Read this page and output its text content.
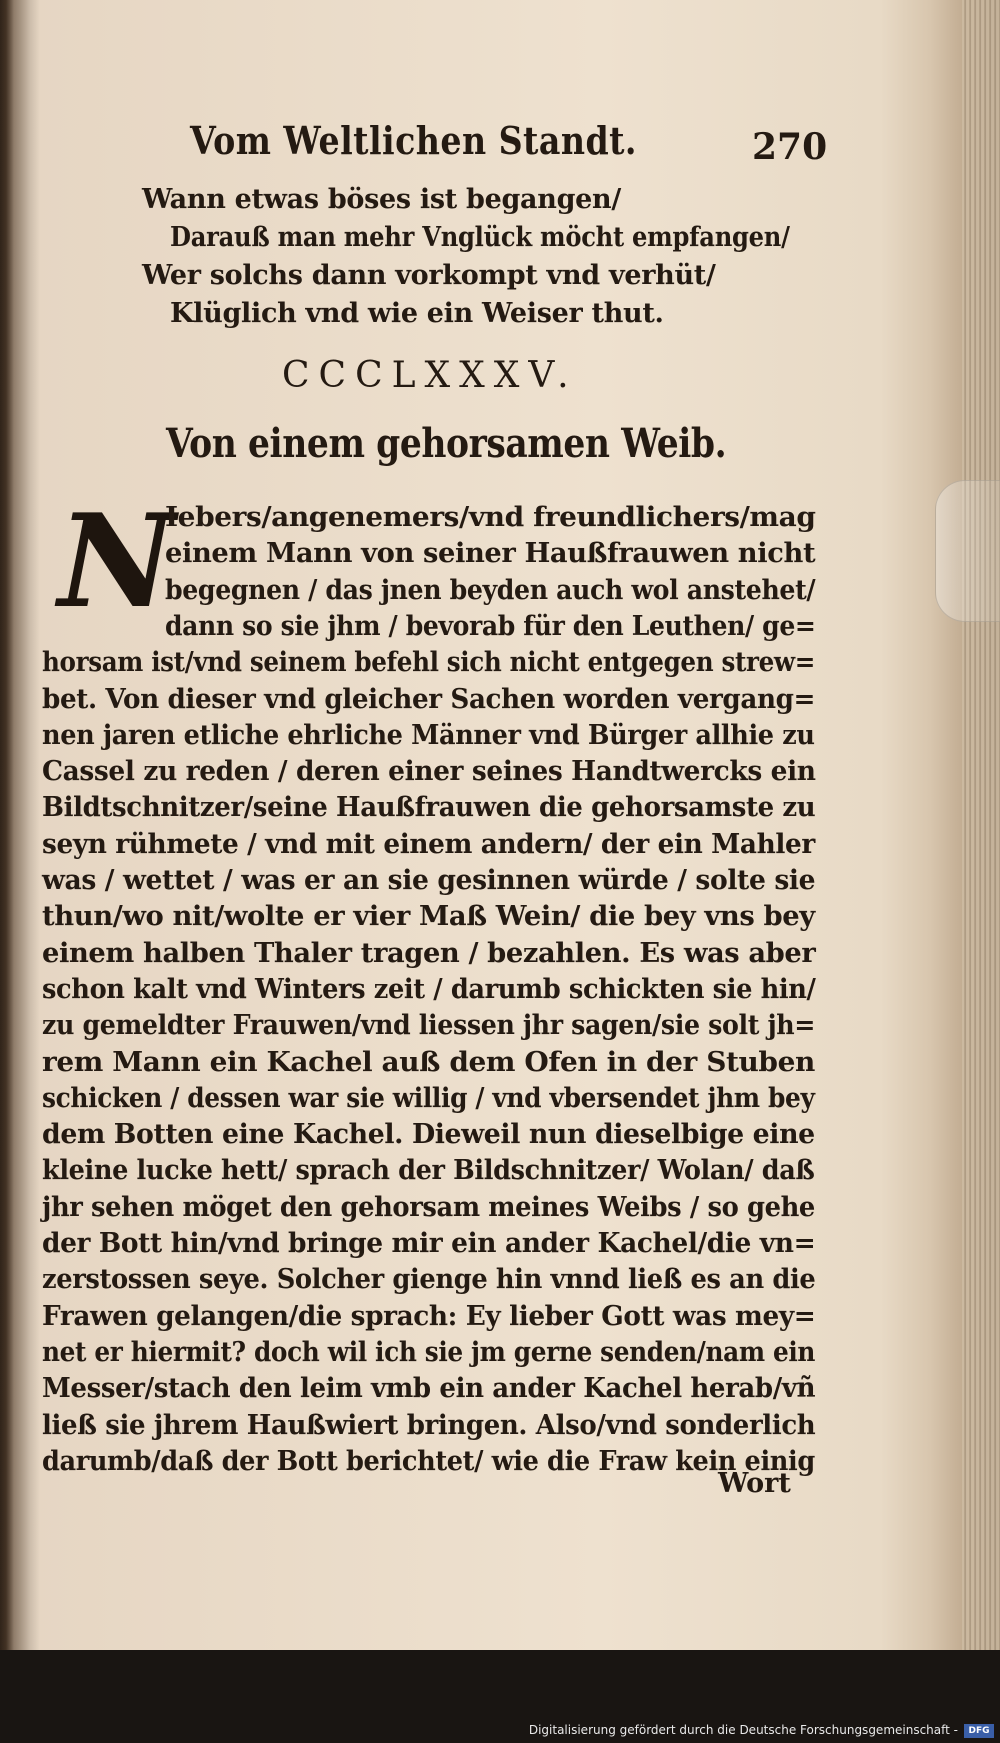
Vom Weltlichen Standt.	270
Wann etwas böses ist begangen/
Darauß man mehr Vnglück möcht empfangen/
Wer solchs dann vorkompt vnd verhüt/
Klüglich vnd wie ein Weiser thut.
CCCLXXXV.
Von einem gehorsamen Weib.
N
Iebers/angenemers/vnd freundlichers/mag
einem Mann von seiner Haußfrauwen nicht
begegnen / das jnen beyden auch wol anstehet/
dann so sie jhm / bevorab für den Leuthen/ ge=
horsam ist/vnd seinem befehl sich nicht entgegen strew=
bet. Von dieser vnd gleicher Sachen worden vergang=
nen jaren etliche ehrliche Männer vnd Bürger allhie zu
Cassel zu reden / deren einer seines Handtwercks ein
Bildtschnitzer/seine Haußfrauwen die gehorsamste zu
seyn rühmete / vnd mit einem andern/ der ein Mahler
was / wettet / was er an sie gesinnen würde / solte sie
thun/wo nit/wolte er vier Maß Wein/ die bey vns bey
einem halben Thaler tragen / bezahlen. Es was aber
schon kalt vnd Winters zeit / darumb schickten sie hin/
zu gemeldter Frauwen/vnd liessen jhr sagen/sie solt jh=
rem Mann ein Kachel auß dem Ofen in der Stuben
schicken / dessen war sie willig / vnd vbersendet jhm bey
dem Botten eine Kachel. Dieweil nun dieselbige eine
kleine lucke hett/ sprach der Bildschnitzer/ Wolan/ daß
jhr sehen möget den gehorsam meines Weibs / so gehe
der Bott hin/vnd bringe mir ein ander Kachel/die vn=
zerstossen seye. Solcher gienge hin vnnd ließ es an die
Frawen gelangen/die sprach: Ey lieber Gott was mey=
net er hiermit? doch wil ich sie jm gerne senden/nam ein
Messer/stach den leim vmb ein ander Kachel herab/vñ
ließ sie jhrem Haußwiert bringen. Also/vnd sonderlich
darumb/daß der Bott berichtet/ wie die Fraw kein einig
Wort
Digitalisierung gefördert durch die Deutsche Forschungsgemeinschaft -	DFG
